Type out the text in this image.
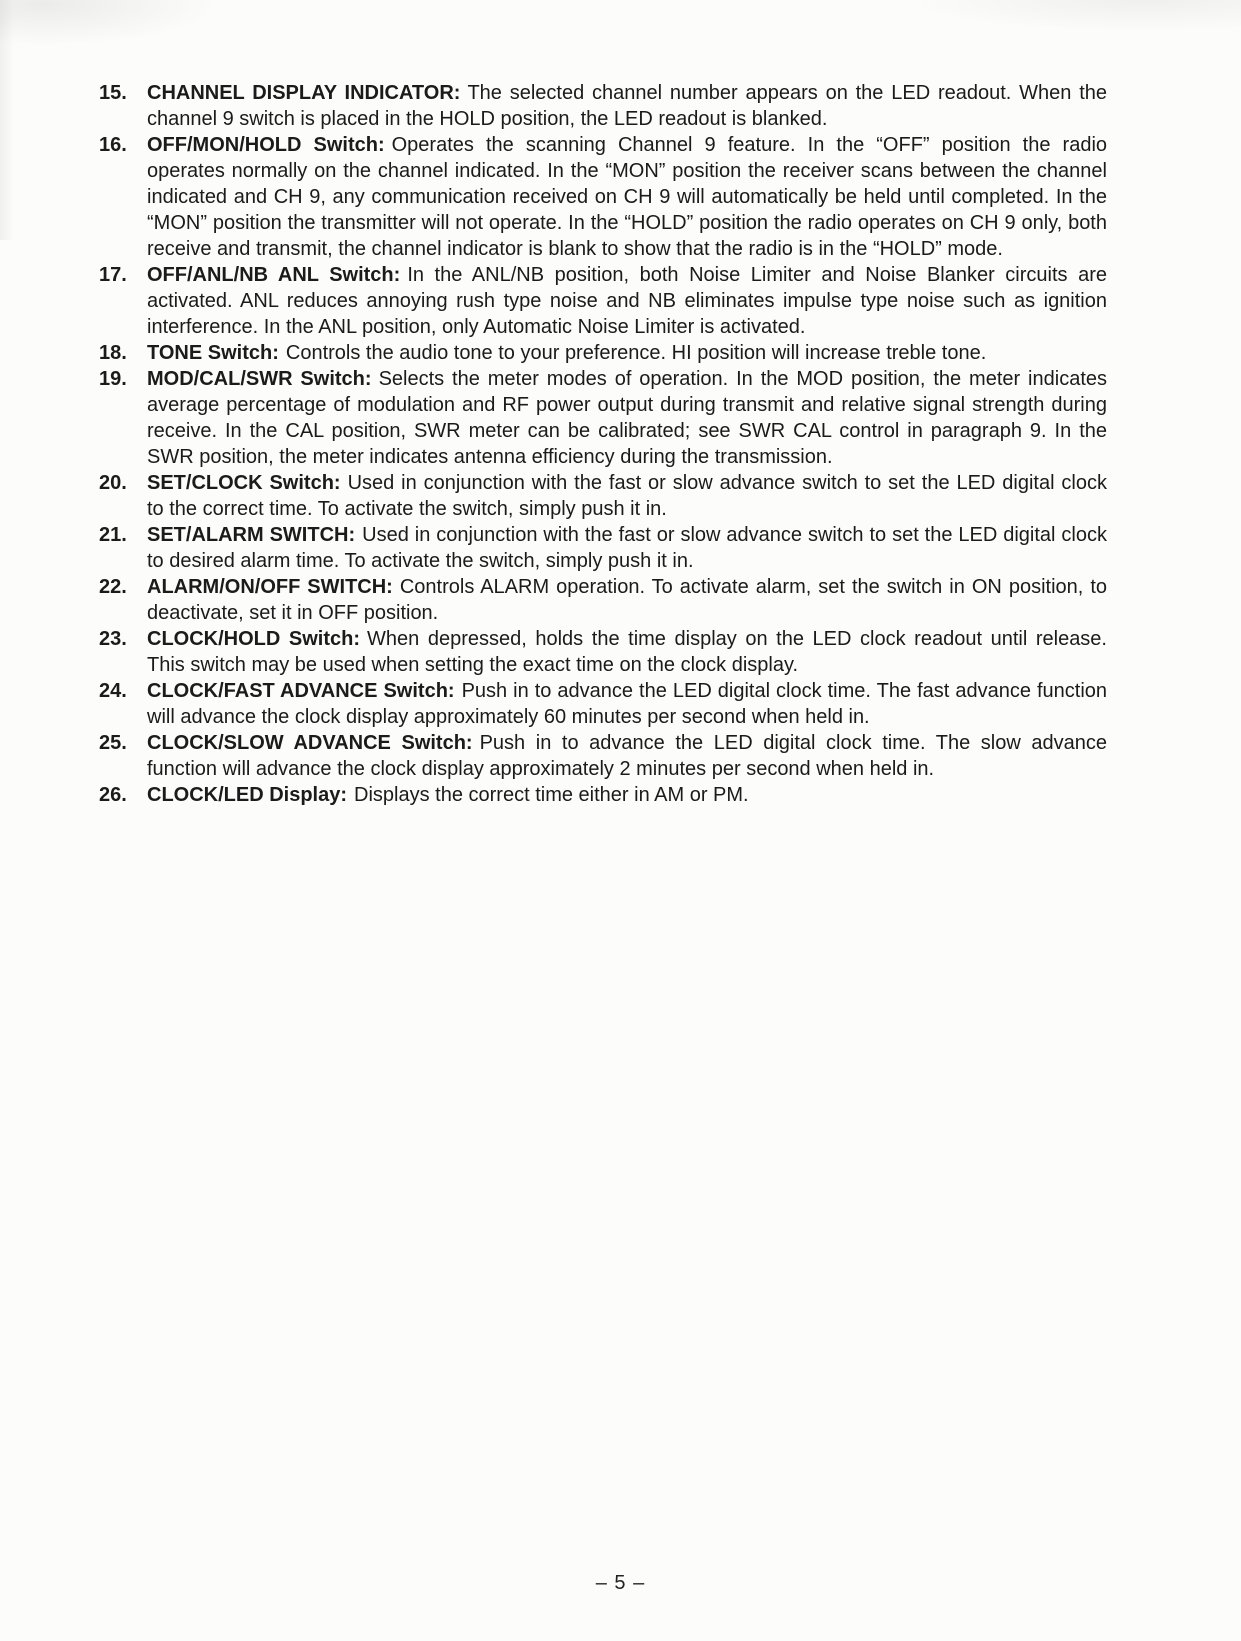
15.	CHANNEL DISPLAY INDICATOR: The selected channel number appears on the LED readout. When the channel 9 switch is placed in the HOLD position, the LED readout is blanked.
16.	OFF/MON/HOLD Switch: Operates the scanning Channel 9 feature. In the “OFF” position the radio operates normally on the channel indicated. In the “MON” position the receiver scans between the channel indicated and CH 9, any communication received on CH 9 will automatically be held until completed. In the “MON” position the transmitter will not operate. In the “HOLD” position the radio operates on CH 9 only, both receive and transmit, the channel indicator is blank to show that the radio is in the “HOLD” mode.
17.	OFF/ANL/NB ANL Switch: In the ANL/NB position, both Noise Limiter and Noise Blanker circuits are activated. ANL reduces annoying rush type noise and NB eliminates impulse type noise such as ignition interference. In the ANL position, only Automatic Noise Limiter is activated.
18.	TONE Switch: Controls the audio tone to your preference. HI position will increase treble tone.
19.	MOD/CAL/SWR Switch: Selects the meter modes of operation. In the MOD position, the meter indicates average percentage of modulation and RF power output during transmit and relative signal strength during receive. In the CAL position, SWR meter can be calibrated; see SWR CAL control in paragraph 9. In the SWR position, the meter indicates antenna efficiency during the transmission.
20.	SET/CLOCK Switch: Used in conjunction with the fast or slow advance switch to set the LED digital clock to the correct time. To activate the switch, simply push it in.
21.	SET/ALARM SWITCH: Used in conjunction with the fast or slow advance switch to set the LED digital clock to desired alarm time. To activate the switch, simply push it in.
22.	ALARM/ON/OFF SWITCH: Controls ALARM operation. To activate alarm, set the switch in ON position, to deactivate, set it in OFF position.
23.	CLOCK/HOLD Switch: When depressed, holds the time display on the LED clock readout until release. This switch may be used when setting the exact time on the clock display.
24.	CLOCK/FAST ADVANCE Switch: Push in to advance the LED digital clock time. The fast advance function will advance the clock display approximately 60 minutes per second when held in.
25.	CLOCK/SLOW ADVANCE Switch: Push in to advance the LED digital clock time. The slow advance function will advance the clock display approximately 2 minutes per second when held in.
26.	CLOCK/LED Display: Displays the correct time either in AM or PM.
– 5 –
